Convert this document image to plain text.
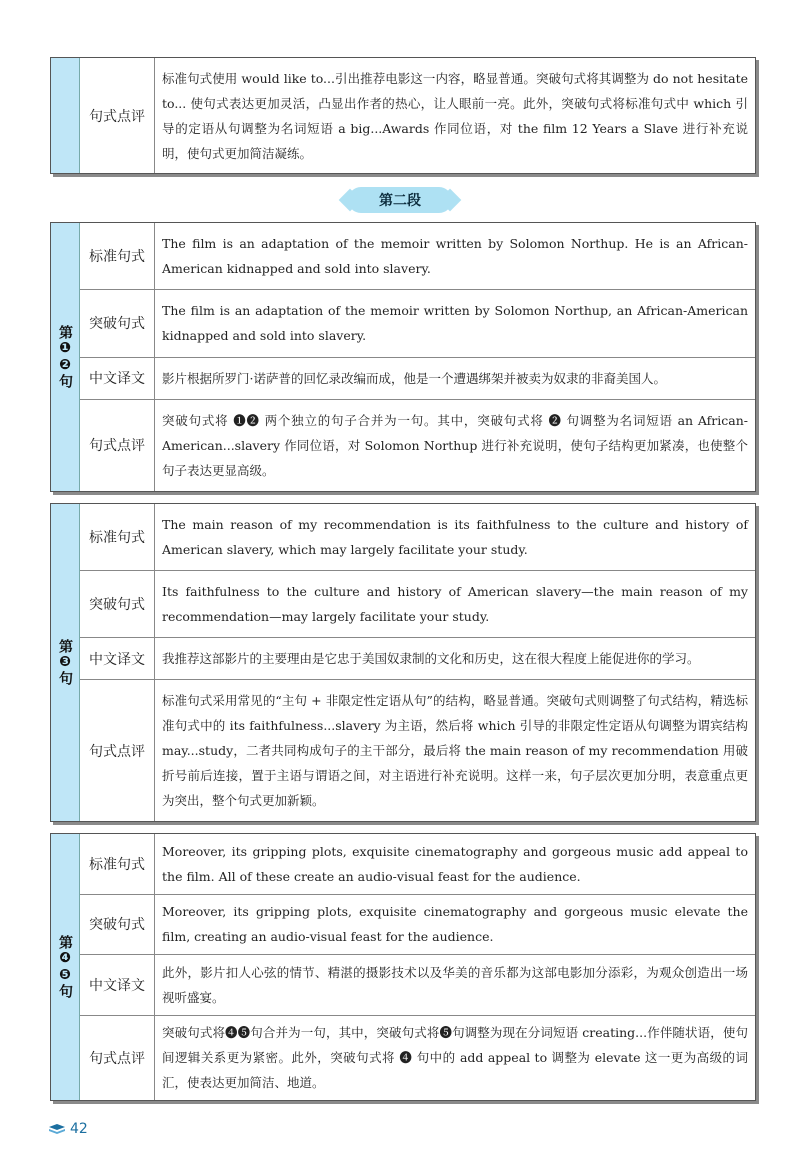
句式点评
标准句式使用 would like to...引出推荐电影这一内容，略显普通。突破句式将其调整为 do not hesitate to... 使句式表达更加灵活，凸显出作者的热心，让人眼前一亮。此外，突破句式将标准句式中 which 引导的定语从句调整为名词短语 a big...Awards 作同位语，对 the film 12 Years a Slave 进行补充说明，使句式更加简洁凝练。
第二段
第❶❷句
标准句式
The film is an adaptation of the memoir written by Solomon Northup. He is an African-American kidnapped and sold into slavery.
突破句式
The film is an adaptation of the memoir written by Solomon Northup, an African-American kidnapped and sold into slavery.
中文译文	影片根据所罗门·诺萨普的回忆录改编而成，他是一个遭遇绑架并被卖为奴隶的非裔美国人。
句式点评
突破句式将 ❶❷ 两个独立的句子合并为一句。其中，突破句式将 ❷ 句调整为名词短语 an African-American...slavery 作同位语，对 Solomon Northup 进行补充说明，使句子结构更加紧凑，也使整个句子表达更显高级。
第❸句
标准句式
The main reason of my recommendation is its faithfulness to the culture and history of American slavery, which may largely facilitate your study.
突破句式
Its faithfulness to the culture and history of American slavery—the main reason of my recommendation—may largely facilitate your study.
中文译文	我推荐这部影片的主要理由是它忠于美国奴隶制的文化和历史，这在很大程度上能促进你的学习。
句式点评
标准句式采用常见的“主句 + 非限定性定语从句”的结构，略显普通。突破句式则调整了句式结构，精选标准句式中的 its faithfulness...slavery 为主语，然后将 which 引导的非限定性定语从句调整为谓宾结构 may...study，二者共同构成句子的主干部分，最后将 the main reason of my recommendation 用破折号前后连接，置于主语与谓语之间，对主语进行补充说明。这样一来，句子层次更加分明，表意重点更为突出，整个句式更加新颖。
第❹❺句
标准句式
Moreover, its gripping plots, exquisite cinematography and gorgeous music add appeal to the film. All of these create an audio-visual feast for the audience.
突破句式
Moreover, its gripping plots, exquisite cinematography and gorgeous music elevate the film, creating an audio-visual feast for the audience.
中文译文
此外，影片扣人心弦的情节、精湛的摄影技术以及华美的音乐都为这部电影加分添彩，为观众创造出一场视听盛宴。
句式点评
突破句式将❹❺句合并为一句，其中，突破句式将❺句调整为现在分词短语 creating...作伴随状语，使句间逻辑关系更为紧密。此外，突破句式将 ❹ 句中的 add appeal to 调整为 elevate 这一更为高级的词汇，使表达更加简洁、地道。
42
